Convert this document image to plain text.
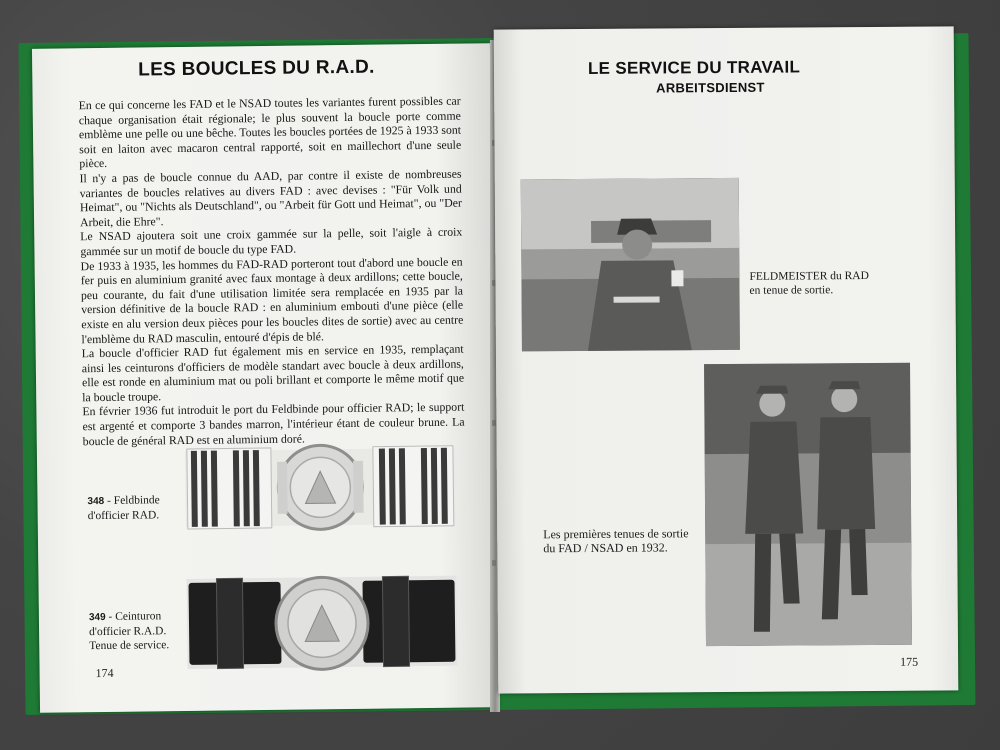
LES BOUCLES DU R.A.D.

En ce qui concerne les FAD et le NSAD toutes les variantes furent possibles car chaque organisation était régionale; le plus souvent la boucle porte comme emblème une pelle ou une bêche. Toutes les boucles portées de 1925 à 1933 sont soit en laiton avec macaron central rapporté, soit en maillechort d'une seule pièce.

Il n'y a pas de boucle connue du AAD, par contre il existe de nombreuses variantes de boucles relatives au divers FAD : avec devises : "Für Volk und Heimat", ou "Nichts als Deutschland", ou "Arbeit für Gott und Heimat", ou "Der Arbeit, die Ehre".

Le NSAD ajoutera soit une croix gammée sur la pelle, soit l'aigle à croix gammée sur un motif de boucle du type FAD.

De 1933 à 1935, les hommes du FAD-RAD porteront tout d'abord une boucle en fer puis en aluminium granité avec faux montage à deux ardillons; cette boucle, peu courante, du fait d'une utilisation limitée sera remplacée en 1935 par la version définitive de la boucle RAD : en aluminium embouti d'une pièce (elle existe en alu version deux pièces pour les boucles dites de sortie) avec au centre l'emblème du RAD masculin, entouré d'épis de blé.

La boucle d'officier RAD fut également mis en service en 1935, remplaçant ainsi les ceinturons d'officiers de modèle standart avec boucle à deux ardillons, elle est ronde en aluminium mat ou poli brillant et comporte le même motif que la boucle troupe.

En février 1936 fut introduit le port du Feldbinde pour officier RAD; le support est argenté et comporte 3 bandes marron, l'intérieur étant de couleur brune. La boucle de général RAD est en aluminium doré.

348 - Feldbinde d'officier RAD.
349 - Ceinturon d'officier R.A.D. Tenue de service.
174
LE SERVICE DU TRAVAIL
ARBEITSDIENST
FELDMEISTER du RAD en tenue de sortie.
Les premières tenues de sortie du FAD / NSAD en 1932.
175
